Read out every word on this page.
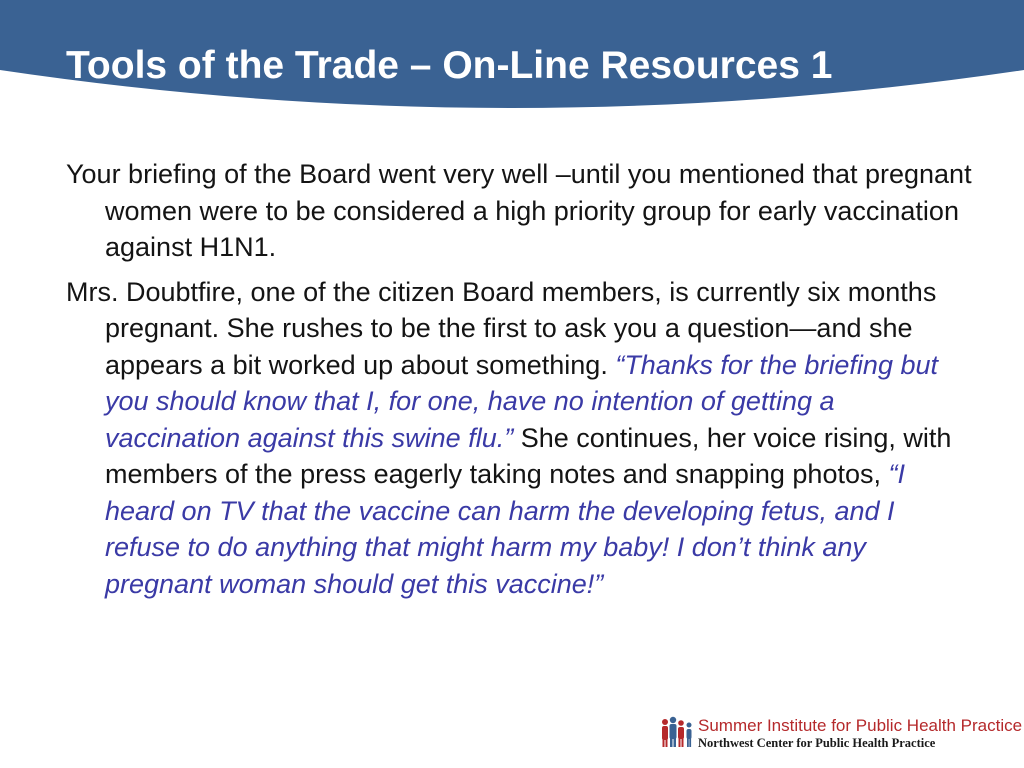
Tools of the Trade – On-Line Resources 1

Your briefing of the Board went very well –until you mentioned that pregnant women were to be considered a high priority group for early vaccination against H1N1.

Mrs. Doubtfire, one of the citizen Board members, is currently six months pregnant. She rushes to be the first to ask you a question—and she appears a bit worked up about something. “Thanks for the briefing but you should know that I, for one, have no intention of getting a vaccination against this swine flu.” She continues, her voice rising, with members of the press eagerly taking notes and snapping photos, “I heard on TV that the vaccine can harm the developing fetus, and I refuse to do anything that might harm my baby! I don’t think any pregnant woman should get this vaccine!”

Summer Institute for Public Health Practice
Northwest Center for Public Health Practice
